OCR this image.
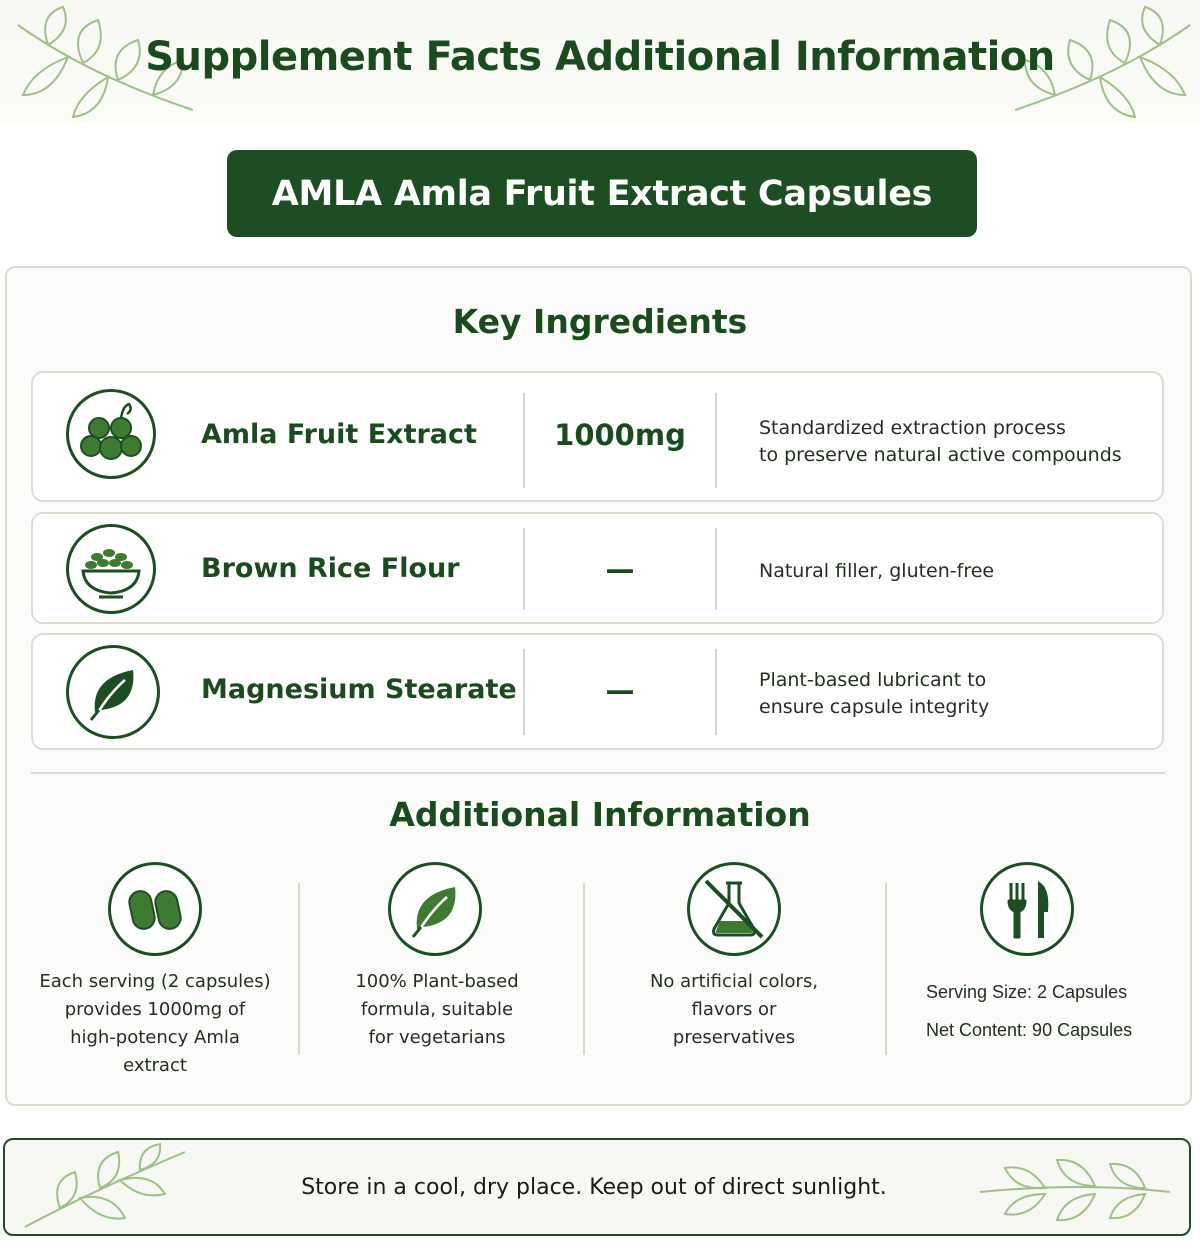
Supplement Facts Additional Information
AMLA Amla Fruit Extract Capsules
Key Ingredients
Amla Fruit Extract	1000mg	Standardized extraction process
to preserve natural active compounds
Brown Rice Flour	—	Natural filler, gluten-free
Magnesium Stearate	—	Plant-based lubricant to
ensure capsule integrity
Additional Information
Each serving (2 capsules)
provides 1000mg of
high-potency Amla
extract
100% Plant-based
formula, suitable
for vegetarians
No artificial colors,
flavors or
preservatives
Serving Size: 2 Capsules
Net Content: 90 Capsules
Store in a cool, dry place. Keep out of direct sunlight.
